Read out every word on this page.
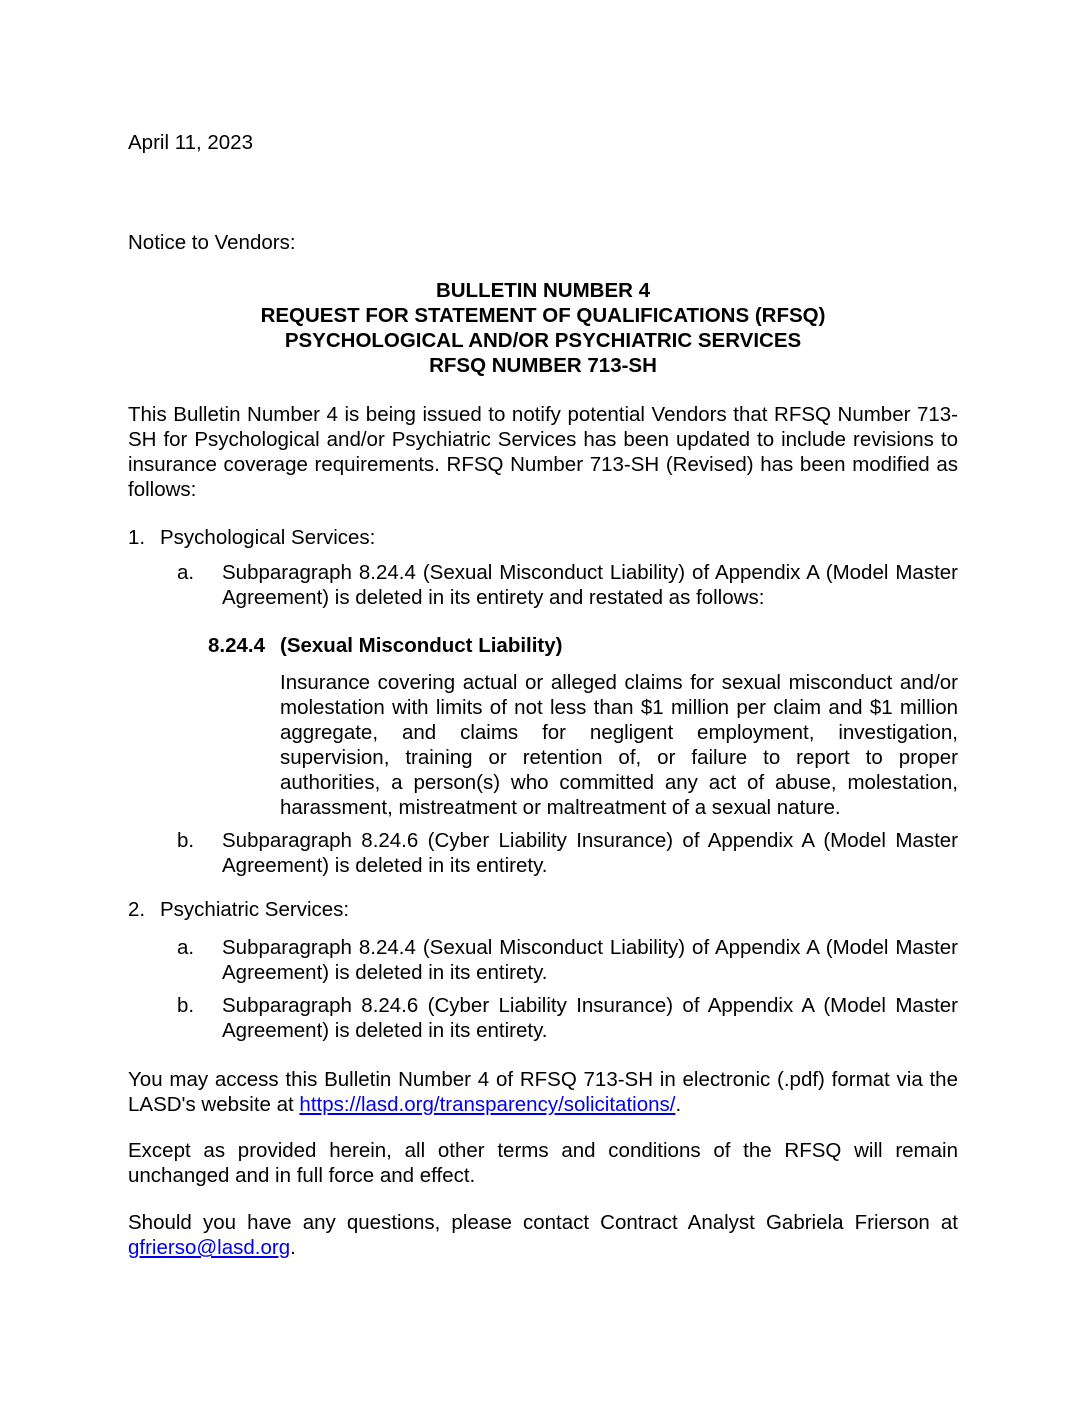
April 11, 2023

Notice to Vendors:

BULLETIN NUMBER 4
REQUEST FOR STATEMENT OF QUALIFICATIONS (RFSQ)
PSYCHOLOGICAL AND/OR PSYCHIATRIC SERVICES
RFSQ NUMBER 713-SH

This Bulletin Number 4 is being issued to notify potential Vendors that RFSQ Number 713-SH for Psychological and/or Psychiatric Services has been updated to include revisions to insurance coverage requirements. RFSQ Number 713-SH (Revised) has been modified as follows:

1. Psychological Services:
a.	Subparagraph 8.24.4 (Sexual Misconduct Liability) of Appendix A (Model Master Agreement) is deleted in its entirety and restated as follows:
8.24.4 (Sexual Misconduct Liability)

Insurance covering actual or alleged claims for sexual misconduct and/or molestation with limits of not less than $1 million per claim and $1 million aggregate, and claims for negligent employment, investigation, supervision, training or retention of, or failure to report to proper authorities, a person(s) who committed any act of abuse, molestation, harassment, mistreatment or maltreatment of a sexual nature.

b.	Subparagraph 8.24.6 (Cyber Liability Insurance) of Appendix A (Model Master Agreement) is deleted in its entirety.
2. Psychiatric Services:
a.	Subparagraph 8.24.4 (Sexual Misconduct Liability) of Appendix A (Model Master Agreement) is deleted in its entirety.
b.	Subparagraph 8.24.6 (Cyber Liability Insurance) of Appendix A (Model Master Agreement) is deleted in its entirety.

You may access this Bulletin Number 4 of RFSQ 713-SH in electronic (.pdf) format via the LASD's website at https://lasd.org/transparency/solicitations/.

Except as provided herein, all other terms and conditions of the RFSQ will remain unchanged and in full force and effect.

Should you have any questions, please contact Contract Analyst Gabriela Frierson at gfrierso@lasd.org.
